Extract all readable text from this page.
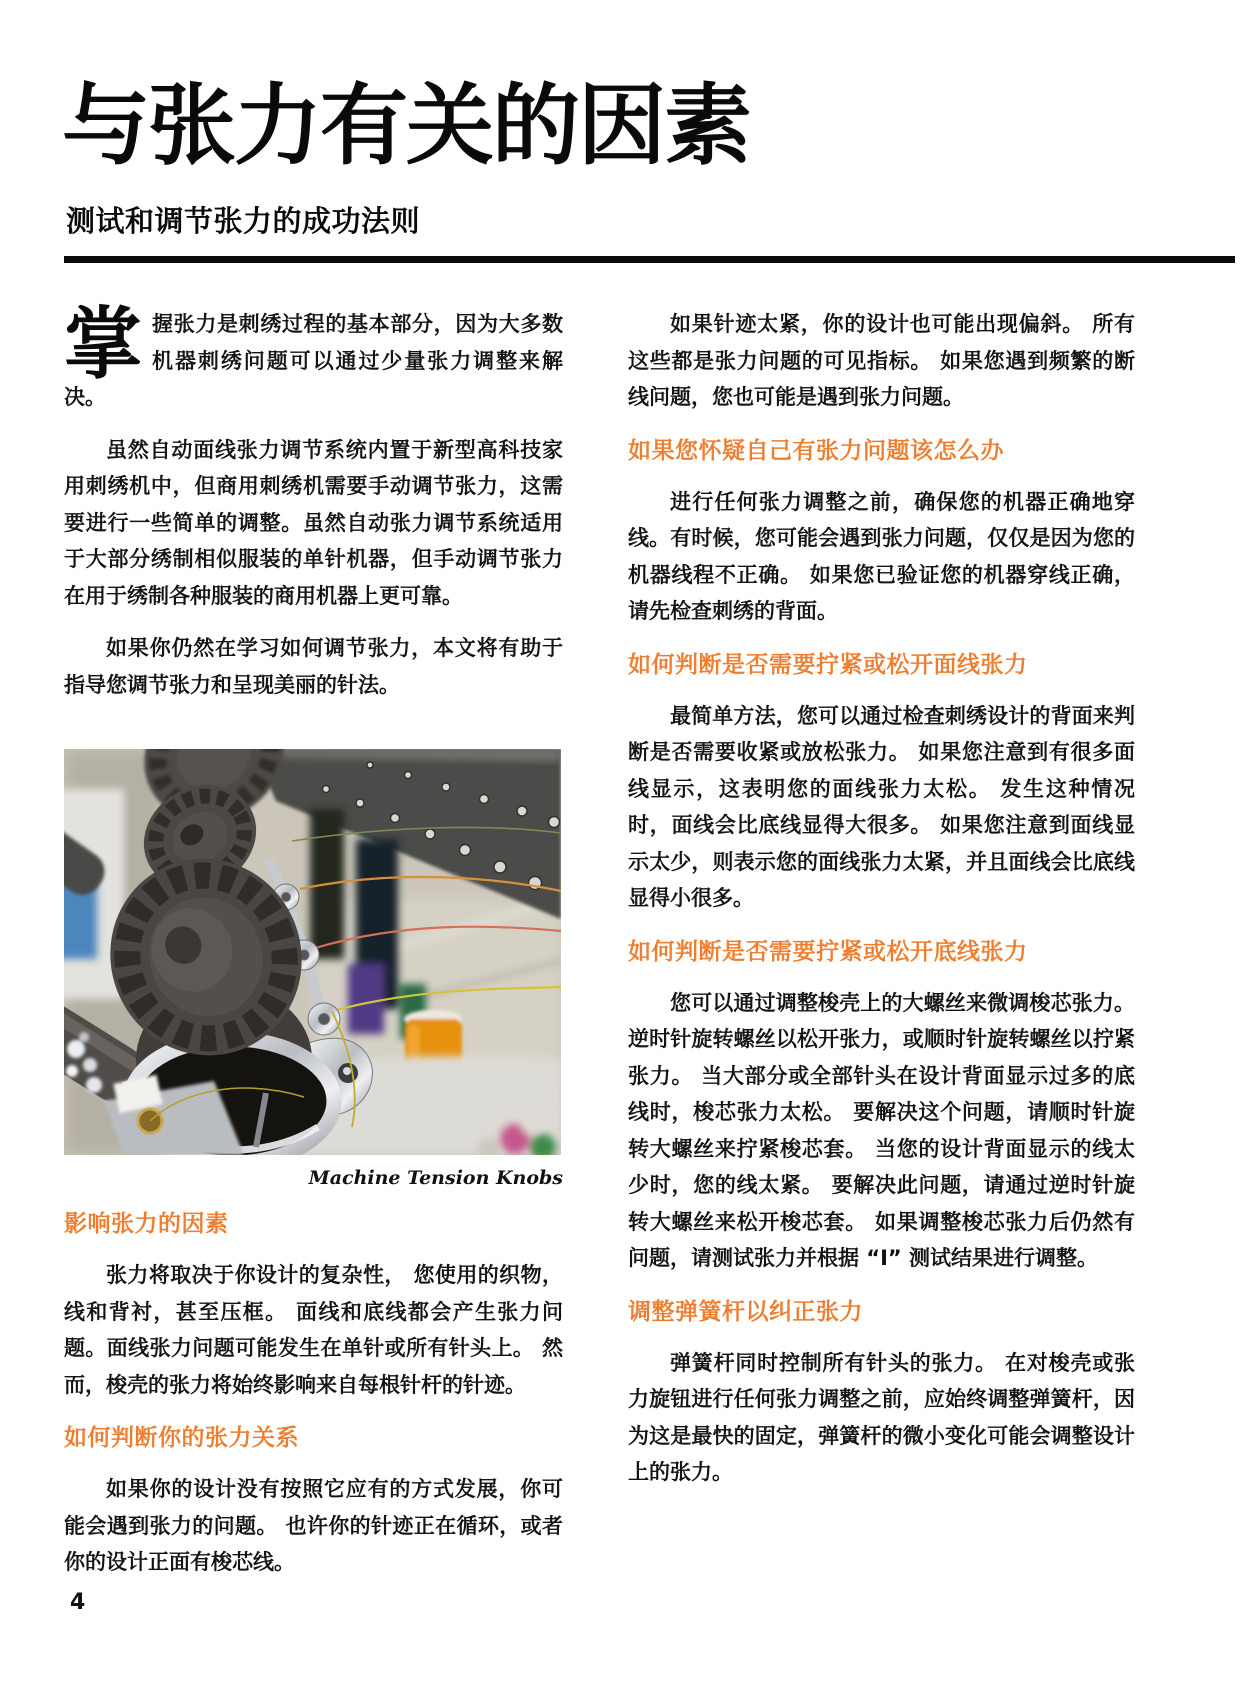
与张力有关的因素
测试和调节张力的成功法则

掌握张力是刺绣过程的基本部分，因为大多数机器刺绣问题可以通过少量张力调整来解决。

虽然自动面线张力调节系统内置于新型高科技家用刺绣机中，但商用刺绣机需要手动调节张力，这需要进行一些简单的调整。虽然自动张力调节系统适用于大部分绣制相似服装的单针机器，但手动调节张力在用于绣制各种服装的商用机器上更可靠。

如果你仍然在学习如何调节张力，本文将有助于指导您调节张力和呈现美丽的针法。

Machine Tension Knobs
影响张力的因素

张力将取决于你设计的复杂性， 您使用的织物，线和背衬，甚至压框。 面线和底线都会产生张力问题。面线张力问题可能发生在单针或所有针头上。 然而，梭壳的张力将始终影响来自每根针杆的针迹。

如何判断你的张力关系

如果你的设计没有按照它应有的方式发展，你可能会遇到张力的问题。 也许你的针迹正在循环，或者你的设计正面有梭芯线。

如果针迹太紧，你的设计也可能出现偏斜。 所有这些都是张力问题的可见指标。 如果您遇到频繁的断线问题，您也可能是遇到张力问题。

如果您怀疑自己有张力问题该怎么办

进行任何张力调整之前，确保您的机器正确地穿线。有时候，您可能会遇到张力问题，仅仅是因为您的机器线程不正确。 如果您已验证您的机器穿线正确，请先检查刺绣的背面。

如何判断是否需要拧紧或松开面线张力

最简单方法，您可以通过检查刺绣设计的背面来判断是否需要收紧或放松张力。 如果您注意到有很多面线显示，这表明您的面线张力太松。 发生这种情况时，面线会比底线显得大很多。 如果您注意到面线显示太少，则表示您的面线张力太紧，并且面线会比底线显得小很多。

如何判断是否需要拧紧或松开底线张力

您可以通过调整梭壳上的大螺丝来微调梭芯张力。 逆时针旋转螺丝以松开张力，或顺时针旋转螺丝以拧紧张力。 当大部分或全部针头在设计背面显示过多的底线时，梭芯张力太松。 要解决这个问题，请顺时针旋转大螺丝来拧紧梭芯套。 当您的设计背面显示的线太少时，您的线太紧。 要解决此问题，请通过逆时针旋转大螺丝来松开梭芯套。 如果调整梭芯张力后仍然有问题，请测试张力并根据 “I” 测试结果进行调整。

调整弹簧杆以纠正张力

弹簧杆同时控制所有针头的张力。 在对梭壳或张力旋钮进行任何张力调整之前，应始终调整弹簧杆，因为这是最快的固定，弹簧杆的微小变化可能会调整设计上的张力。

4
